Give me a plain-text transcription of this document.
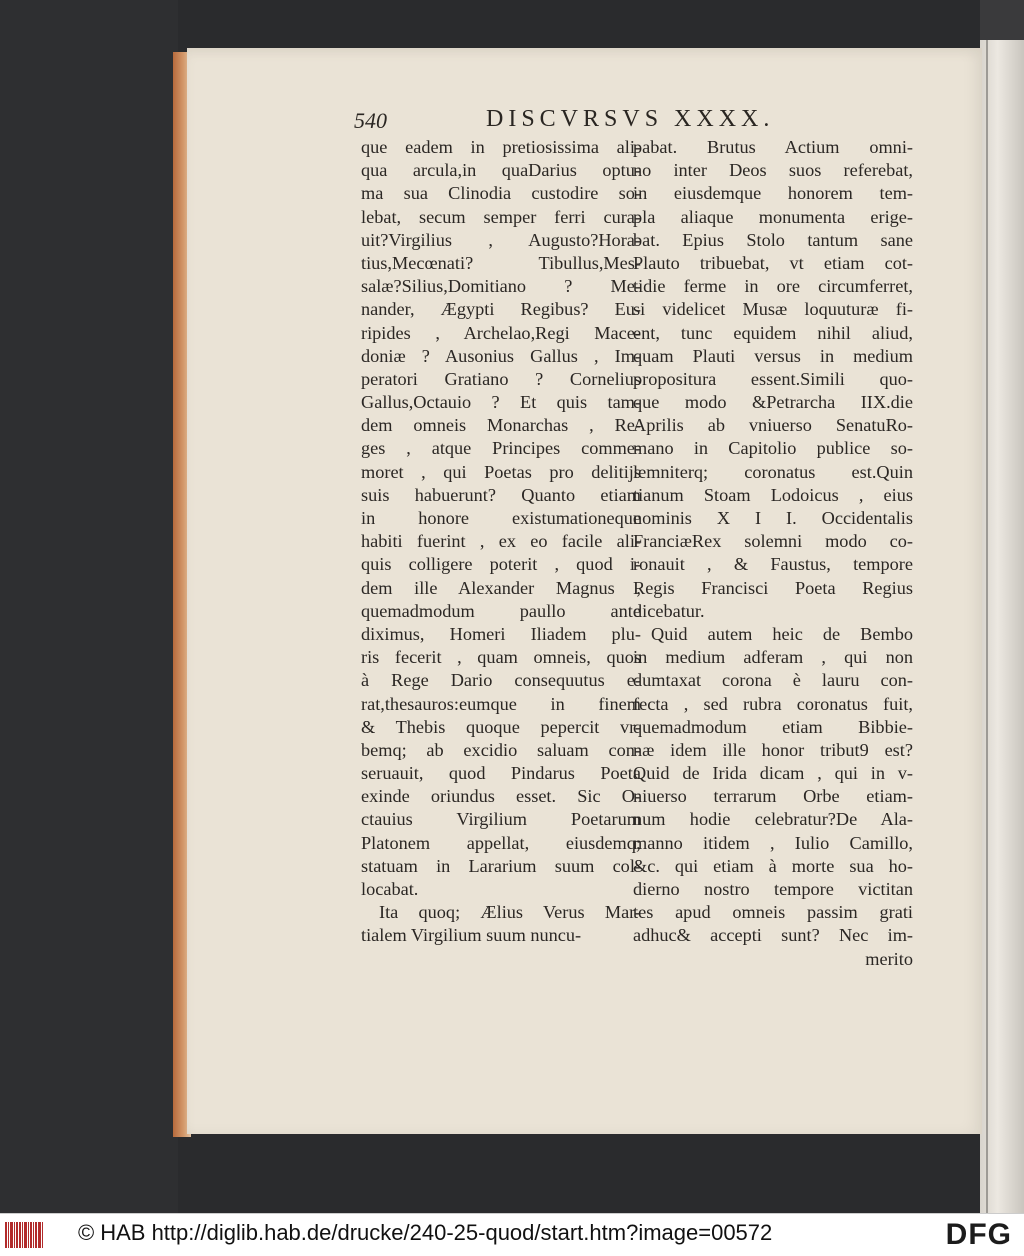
540	DISCVRSVS XXXX.
que eadem in pretiosissima ali-
qua arcula,in quaDarius optu-
ma sua Clinodia custodire so-
lebat, secum semper ferri cura-
uit?Virgilius , Augusto?Hora-
tius,Mecœnati? Tibullus,Mes-
salæ?Silius,Domitiano ? Me-
nander, Ægypti Regibus? Eu-
ripides , Archelao,Regi Mace-
doniæ ? Ausonius Gallus , Im-
peratori Gratiano ? Cornelius
Gallus,Octauio ? Et quis tam-
dem omneis Monarchas , Re-
ges , atque Principes comme-
moret , qui Poetas pro delitijs
suis habuerunt? Quanto etiam
in honore existumationeque
habiti fuerint , ex eo facile ali-
quis colligere poterit , quod i-
dem ille Alexander Magnus ,
quemadmodum paullo ante
diximus, Homeri Iliadem plu-
ris fecerit , quam omneis, quos
à Rege Dario consequutus e-
rat,thesauros:eumque in finem
& Thebis quoque pepercit vr-
bemq; ab excidio saluam con-
seruauit, quod Pindarus Poeta
exinde oriundus esset. Sic O-
ctauius Virgilium Poetarum
Platonem appellat, eiusdemq;
statuam in Lararium suum col-
locabat.
Ita quoq; Ælius Verus Mar-
tialem Virgilium suum nuncu-
pabat. Brutus Actium omni-
no inter Deos suos referebat,
in eiusdemque honorem tem-
pla aliaque monumenta erige-
bat. Epius Stolo tantum sane
Plauto tribuebat, vt etiam cot-
tidie ferme in ore circumferret,
si videlicet Musæ loquuturæ fi-
ent, tunc equidem nihil aliud,
quam Plauti versus in medium
propositura essent.Simili quo-
que modo &Petrarcha IIX.die
Aprilis ab vniuerso SenatuRo-
mano in Capitolio publice so-
lemniterq; coronatus est.Quin
tianum Stoam Lodoicus , eius
nominis X I I. Occidentalis
FranciæRex solemni modo co-
ronauit , & Faustus, tempore
Regis Francisci Poeta Regius
dicebatur.
Quid autem heic de Bembo
in medium adferam , qui non
dumtaxat corona è lauru con-
fecta , sed rubra coronatus fuit,
quemadmodum etiam Bibbie-
næ idem ille honor tribut9 est?
Quid de Irida dicam , qui in v-
niuerso terrarum Orbe etiam-
num hodie celebratur?De Ala-
manno itidem , Iulio Camillo,
&c. qui etiam à morte sua ho-
dierno nostro tempore victitan
tes apud omneis passim grati
adhuc& accepti sunt? Nec im-
merito
© HAB http://diglib.hab.de/drucke/240-25-quod/start.htm?image=00572	DFG
